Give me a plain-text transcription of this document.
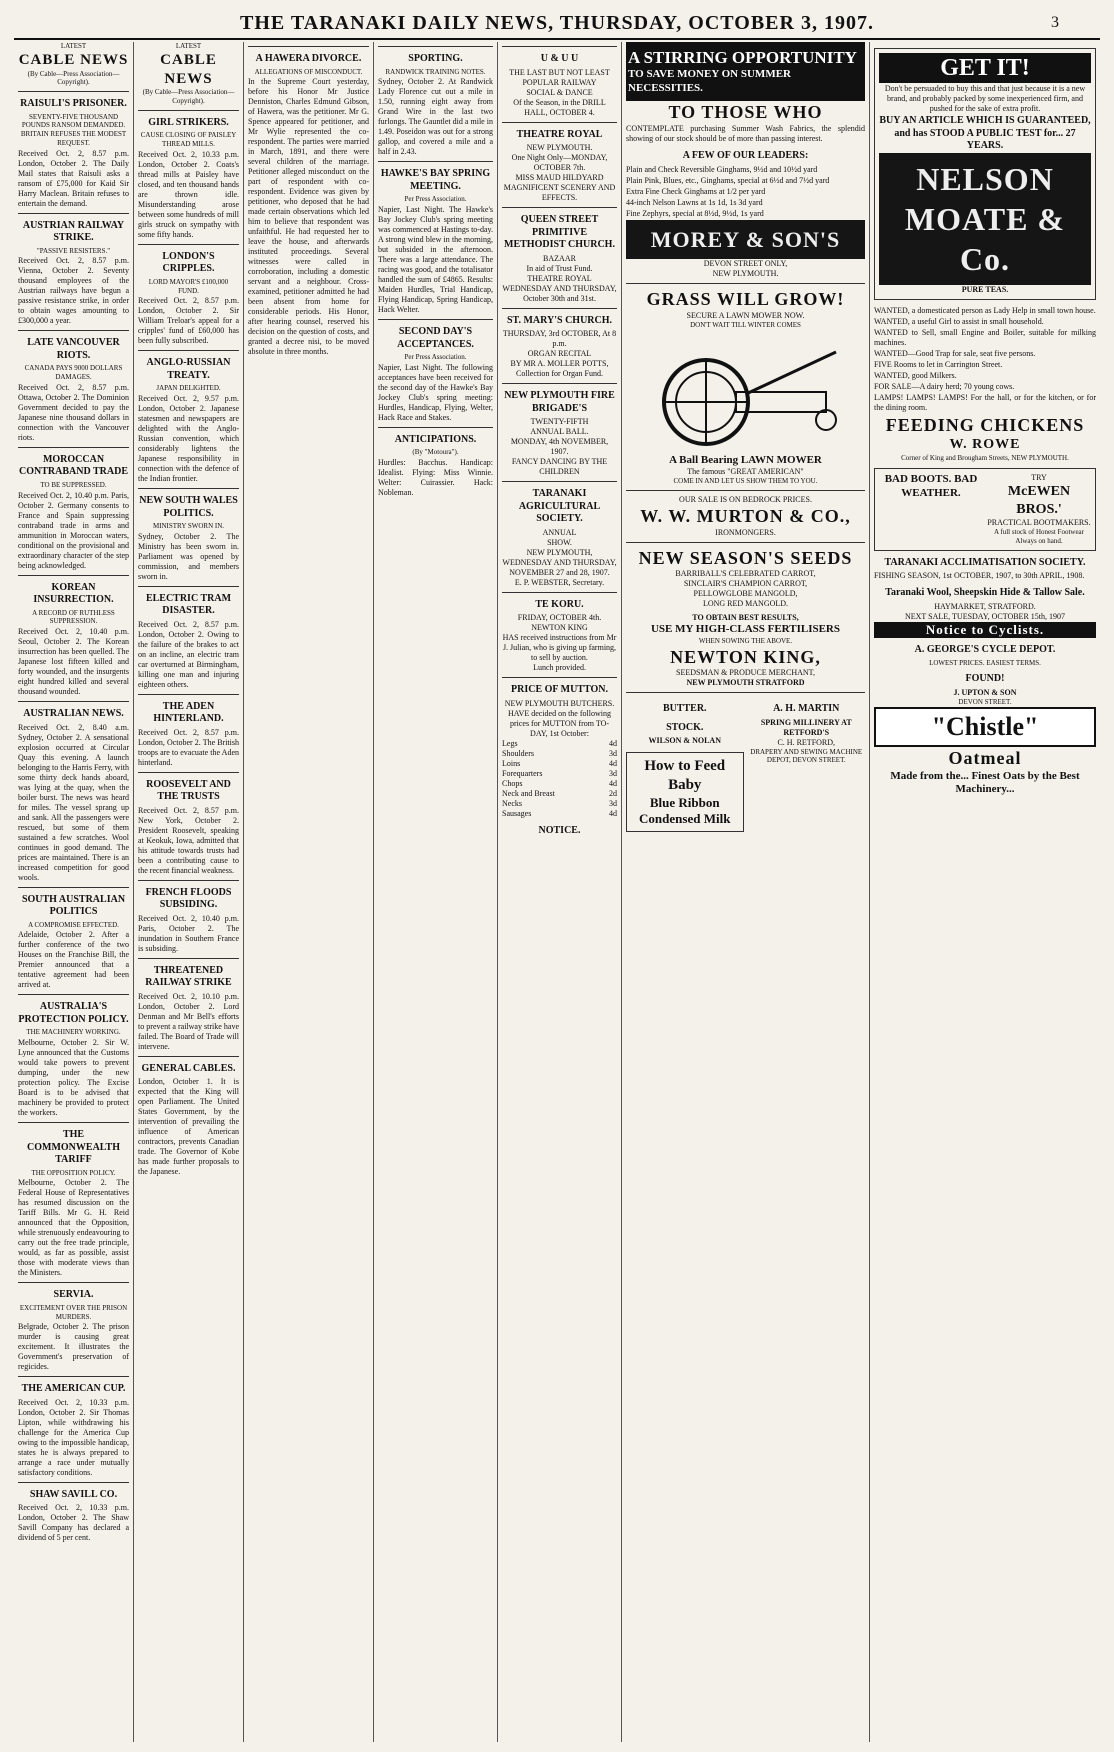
THE TARANAKI DAILY NEWS, THURSDAY, OCTOBER 3, 1907.	3
LATEST
CABLE NEWS
(By Cable—Press Association—Copyright).
RAISULI'S PRISONER.
SEVENTY-FIVE THOUSAND POUNDS RANSOM DEMANDED. BRITAIN REFUSES THE MODEST REQUEST.

Received Oct. 2, 8.57 p.m. London, October 2. The Daily Mail states that Raisuli asks a ransom of £75,000 for Kaid Sir Harry Maclean. Britain refuses to entertain the demand.

AUSTRIAN RAILWAY STRIKE.
"PASSIVE RESISTERS."

Received Oct. 2, 8.57 p.m. Vienna, October 2. Seventy thousand employees of the Austrian railways have begun a passive resistance strike, in order to obtain wages amounting to £300,000 a year.

LATE VANCOUVER RIOTS.
CANADA PAYS 9000 DOLLARS DAMAGES.

Received Oct. 2, 8.57 p.m. Ottawa, October 2. The Dominion Government decided to pay the Japanese nine thousand dollars in connection with the Vancouver riots.

MOROCCAN CONTRABAND TRADE
TO BE SUPPRESSED.

Received Oct. 2, 10.40 p.m. Paris, October 2. Germany consents to France and Spain suppressing contraband trade in arms and ammunition in Moroccan waters, conditional on the provisional and extraordinary character of the step being acknowledged.

KOREAN INSURRECTION.
A RECORD OF RUTHLESS SUPPRESSION.

Received Oct. 2, 10.40 p.m. Seoul, October 2. The Korean insurrection has been quelled. The Japanese lost fifteen killed and forty wounded, and the insurgents eight hundred killed and several thousand wounded.

AUSTRALIAN NEWS.

Received Oct. 2, 8.40 a.m. Sydney, October 2. A sensational explosion occurred at Circular Quay this evening. A launch belonging to the Harris Ferry, with some thirty deck hands aboard, was lying at the quay, when the boiler burst. The news was heard for miles. The vessel sprang up and sank. All the passengers were rescued, but some of them sustained a few scratches. Wool continues in good demand. The prices are maintained. There is an increased competition for good wools.

SOUTH AUSTRALIAN POLITICS
A COMPROMISE EFFECTED.

Adelaide, October 2. After a further conference of the two Houses on the Franchise Bill, the Premier announced that a tentative agreement had been arrived at.

AUSTRALIA'S PROTECTION POLICY.
THE MACHINERY WORKING.

Melbourne, October 2. Sir W. Lyne announced that the Customs would take powers to prevent dumping, under the new protection policy. The Excise Board is to be advised that machinery be provided to protect the workers.

THE COMMONWEALTH TARIFF
THE OPPOSITION POLICY.

Melbourne, October 2. The Federal House of Representatives has resumed discussion on the Tariff Bills. Mr G. H. Reid announced that the Opposition, while strenuously endeavouring to carry out the free trade principle, would, as far as possible, assist those with moderate views than the Ministers.

SERVIA.
EXCITEMENT OVER THE PRISON MURDERS.

Belgrade, October 2. The prison murder is causing great excitement. It illustrates the Government's preservation of regicides.

THE AMERICAN CUP.

Received Oct. 2, 10.33 p.m. London, October 2. Sir Thomas Lipton, while withdrawing his challenge for the America Cup owing to the impossible handicap, states he is always prepared to arrange a race under mutually satisfactory conditions.

SHAW SAVILL CO.

Received Oct. 2, 10.33 p.m. London, October 2. The Shaw Savill Company has declared a dividend of 5 per cent.

LATEST
CABLE NEWS
(By Cable—Press Association—Copyright).
GIRL STRIKERS.
CAUSE CLOSING OF PAISLEY THREAD MILLS.

Received Oct. 2, 10.33 p.m. London, October 2. Coats's thread mills at Paisley have closed, and ten thousand hands are thrown idle. Misunderstanding arose between some hundreds of mill girls struck on sympathy with some fifty hands.

LONDON'S CRIPPLES.
LORD MAYOR'S £100,000 FUND.

Received Oct. 2, 8.57 p.m. London, October 2. Sir William Treloar's appeal for a cripples' fund of £60,000 has been fully subscribed.

ANGLO-RUSSIAN TREATY.
JAPAN DELIGHTED.

Received Oct. 2, 9.57 p.m. London, October 2. Japanese statesmen and newspapers are delighted with the Anglo-Russian convention, which considerably lightens the Japanese responsibility in connection with the defence of the Indian frontier.

NEW SOUTH WALES POLITICS.
MINISTRY SWORN IN.

Sydney, October 2. The Ministry has been sworn in. Parliament was opened by commission, and members sworn in.

ELECTRIC TRAM DISASTER.

Received Oct. 2, 8.57 p.m. London, October 2. Owing to the failure of the brakes to act on an incline, an electric tram car overturned at Birmingham, killing one man and injuring eighteen others.

THE ADEN HINTERLAND.

Received Oct. 2, 8.57 p.m. London, October 2. The British troops are to evacuate the Aden hinterland.

ROOSEVELT AND THE TRUSTS

Received Oct. 2, 8.57 p.m. New York, October 2. President Roosevelt, speaking at Keokuk, Iowa, admitted that his attitude towards trusts had been a contributing cause to the recent financial weakness.

FRENCH FLOODS SUBSIDING.

Received Oct. 2, 10.40 p.m. Paris, October 2. The inundation in Southern France is subsiding.

THREATENED RAILWAY STRIKE

Received Oct. 2, 10.10 p.m. London, October 2. Lord Denman and Mr Bell's efforts to prevent a railway strike have failed. The Board of Trade will intervene.

GENERAL CABLES.

London, October 1. It is expected that the King will open Parliament. The United States Government, by the intervention of prevailing the influence of American contractors, prevents Canadian trade. The Governor of Kobe has made further proposals to the Japanese.

A HAWERA DIVORCE.
ALLEGATIONS OF MISCONDUCT.

In the Supreme Court yesterday, before his Honor Mr Justice Denniston, Charles Edmund Gibson, of Hawera, was the petitioner. Mr G. Spence appeared for petitioner, and Mr Wylie represented the co-respondent. The parties were married in March, 1891, and there were several children of the marriage. Petitioner alleged misconduct on the part of respondent with co-respondent. Evidence was given by petitioner, who deposed that he had made certain observations which led him to believe that respondent was unfaithful. He had requested her to leave the house, and afterwards instituted proceedings. Several witnesses were called in corroboration, including a domestic servant and a neighbour. Cross-examined, petitioner admitted he had been absent from home for considerable periods. His Honor, after hearing counsel, reserved his decision on the question of costs, and granted a decree nisi, to be moved absolute in three months.

SPORTING.
RANDWICK TRAINING NOTES.

Sydney, October 2. At Randwick Lady Florence cut out a mile in 1.50, running eight away from Grand Wire in the last two furlongs. The Gauntlet did a mile in 1.49. Poseidon was out for a strong gallop, and covered a mile and a half in 2.43.

HAWKE'S BAY SPRING MEETING.
Per Press Association.

Napier, Last Night. The Hawke's Bay Jockey Club's spring meeting was commenced at Hastings to-day. A strong wind blew in the morning, but subsided in the afternoon. There was a large attendance. The racing was good, and the totalisator handled the sum of £4865. Results: Maiden Hurdles, Trial Handicap, Flying Handicap, Spring Handicap, Hack Welter.

SECOND DAY'S ACCEPTANCES.
Per Press Association.

Napier, Last Night. The following acceptances have been received for the second day of the Hawke's Bay Jockey Club's spring meeting: Hurdles, Handicap, Flying, Welter, Hack Race and Stakes.

ANTICIPATIONS.
(By "Motoura").

Hurdles: Bacchus. Handicap: Idealist. Flying: Miss Winnie. Welter: Cuirassier. Hack: Nobleman.

U & U U
THE LAST BUT NOT LEAST POPULAR RAILWAY
SOCIAL & DANCE
Of the Season, in the DRILL HALL, OCTOBER 4.
THEATRE ROYAL
NEW PLYMOUTH.
One Night Only—MONDAY, OCTOBER 7th.
MISS MAUD HILDYARD
MAGNIFICENT SCENERY AND EFFECTS.
QUEEN STREET PRIMITIVE METHODIST CHURCH.
BAZAAR
In aid of Trust Fund.
THEATRE ROYAL
WEDNESDAY AND THURSDAY, October 30th and 31st.
ST. MARY'S CHURCH.
THURSDAY, 3rd OCTOBER, At 8 p.m.
ORGAN RECITAL
BY MR A. MOLLER POTTS,
Collection for Organ Fund.
NEW PLYMOUTH FIRE BRIGADE'S
TWENTY-FIFTH
ANNUAL BALL.
MONDAY, 4th NOVEMBER, 1907.
FANCY DANCING BY THE CHILDREN
TARANAKI AGRICULTURAL SOCIETY.
ANNUAL
SHOW.
NEW PLYMOUTH,
WEDNESDAY AND THURSDAY,
NOVEMBER 27 and 28, 1907.
E. P. WEBSTER, Secretary.
TE KORU.
FRIDAY, OCTOBER 4th.
NEWTON KING
HAS received instructions from Mr J. Julian, who is giving up farming, to sell by auction.
Lunch provided.
PRICE OF MUTTON.
NEW PLYMOUTH BUTCHERS.
HAVE decided on the following prices for MUTTON from TO-DAY, 1st October:
Legs	4d
Shoulders	3d
Loins	4d
Forequarters	3d
Chops	4d
Neck and Breast	2d
Necks	3d
Sausages	4d
NOTICE.
A STIRRING OPPORTUNITY
TO SAVE MONEY ON SUMMER NECESSITIES.
TO THOSE WHO

CONTEMPLATE purchasing Summer Wash Fabrics, the splendid showing of our stock should be of more than passing interest.

A FEW OF OUR LEADERS:

Plain and Check Reversible Ginghams, 9½d and 10½d yard

Plain Pink, Blues, etc., Ginghams, special at 6½d and 7½d yard

Extra Fine Check Ginghams at 1/2 per yard

44-inch Nelson Lawns at 1s 1d, 1s 3d yard

Fine Zephyrs, special at 8½d, 9½d, 1s yard

MOREY & SON'S
DEVON STREET ONLY,
NEW PLYMOUTH.
GRASS WILL GROW!
SECURE A LAWN MOWER NOW.
DON'T WAIT TILL WINTER COMES
A Ball Bearing LAWN MOWER
The famous "GREAT AMERICAN"
COME IN AND LET US SHOW THEM TO YOU.
OUR SALE IS ON BEDROCK PRICES.
W. W. MURTON & CO.,
IRONMONGERS.
NEW SEASON'S SEEDS
BARRIBALL'S CELEBRATED CARROT,
SINCLAIR'S CHAMPION CARROT,
PELLOWGLOBE MANGOLD,
LONG RED MANGOLD.
TO OBTAIN BEST RESULTS,
USE MY HIGH-CLASS FERTILISERS
WHEN SOWING THE ABOVE.
NEWTON KING,
SEEDSMAN & PRODUCE MERCHANT,
NEW PLYMOUTH STRATFORD
BUTTER.
STOCK.
WILSON & NOLAN
How to Feed Baby
Blue Ribbon Condensed Milk
A. H. MARTIN
SPRING MILLINERY AT RETFORD'S
C. H. RETFORD,
DRAPERY AND SEWING MACHINE DEPOT, DEVON STREET.
GET IT!

Don't be persuaded to buy this and that just because it is a new brand, and probably packed by some inexperienced firm, and pushed for the sake of extra profit.

BUY AN ARTICLE WHICH IS GUARANTEED, and has STOOD A PUBLIC TEST for... 27 YEARS.
NELSON MOATE & Co.
PURE TEAS.

WANTED, a domesticated person as Lady Help in small town house.

WANTED, a useful Girl to assist in small household.

WANTED to Sell, small Engine and Boiler, suitable for milking machines.

WANTED—Good Trap for sale, seat five persons.

FIVE Rooms to let in Carrington Street.

WANTED, good Milkers.

FOR SALE—A dairy herd; 70 young cows.

LAMPS! LAMPS! LAMPS! For the hall, or for the kitchen, or for the dining room.

FEEDING CHICKENS
W. ROWE
Corner of King and Brougham Streets, NEW PLYMOUTH.
BAD BOOTS. BAD WEATHER.
TRY
McEWEN BROS.'
PRACTICAL BOOTMAKERS.
A full stock of Honest Footwear Always on hand.
TARANAKI ACCLIMATISATION SOCIETY.

FISHING SEASON, 1st OCTOBER, 1907, to 30th APRIL, 1908.

Taranaki Wool, Sheepskin Hide & Tallow Sale.
HAYMARKET, STRATFORD.
NEXT SALE, TUESDAY, OCTOBER 15th, 1907
Notice to Cyclists.
A. GEORGE'S CYCLE DEPOT.
LOWEST PRICES. EASIEST TERMS.
FOUND!
J. UPTON & SON
DEVON STREET.
"Chistle"
Oatmeal
Made from the... Finest Oats by the Best Machinery...
